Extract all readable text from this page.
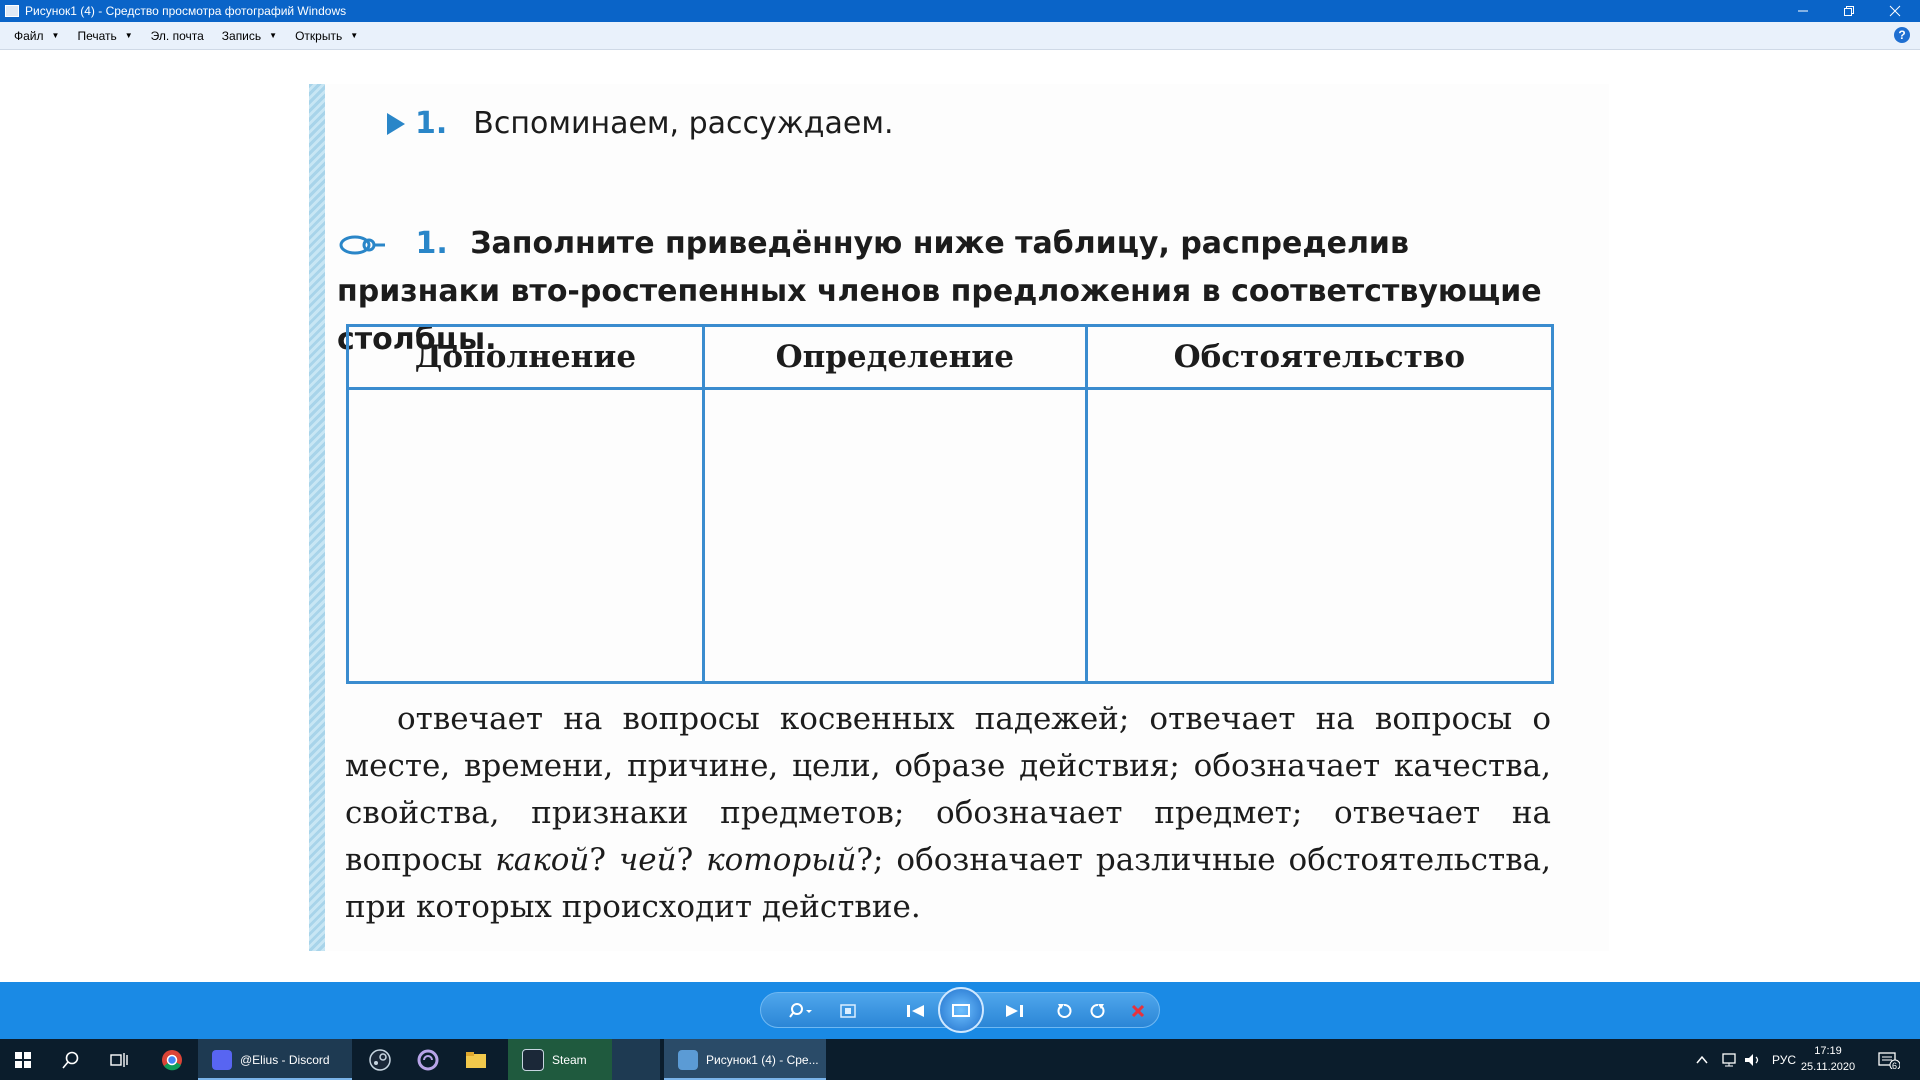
Рисунок1 (4) - Средство просмотра фотографий Windows
Файл ▼ Печать ▼ Эл. почта Запись ▼ Открыть ▼	?
1. Вспоминаем, рассуждаем.
1. Заполните приведённую ниже таблицу, распределив признаки вто-ростепенных членов предложения в соответствующие столбцы.
Дополнение	Определение	Обстоятельство

отвечает на вопросы косвенных падежей; отвечает на вопросы о месте, времени, причине, цели, образе действия; обозначает качества, свойства, признаки предметов; обозначает предмет; отвечает на вопросы какой? чей? который?; обозначает различные обстоятельства, при которых происходит действие.
@Elius - Discord	Steam	Рисунок1 (4) - Сре...	РУС
17:19
25.11.2020	6
